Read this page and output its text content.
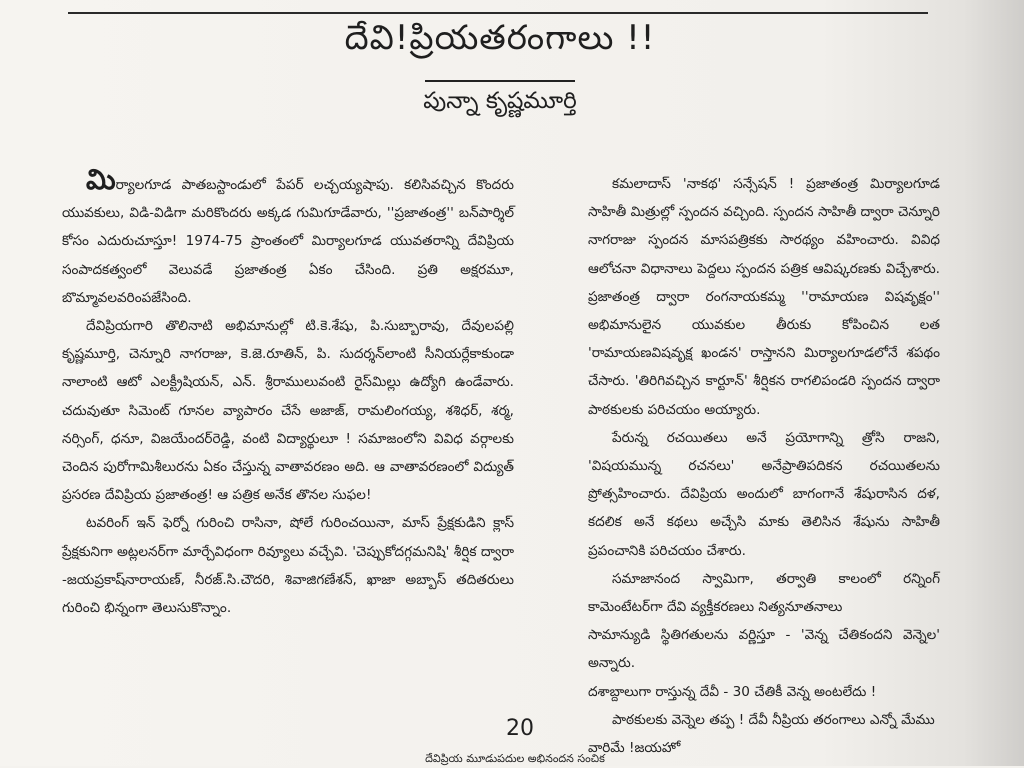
దేవి!ప్రియతరంగాలు !!
పున్నా కృష్ణమూర్తి

మిర్యాలగూడ పాతబస్టాండులో పేపర్ లచ్చయ్యషాపు. కలిసివచ్చిన కొందరు యువకులు, విడి-విడిగా మరికొందరు అక్కడ గుమిగూడేవారు, ''ప్రజాతంత్ర'' బన్‌పార్శిల్ కోసం ఎదురుచూస్తూ! 1974-75 ప్రాంతంలో మిర్యాలగూడ యువతరాన్ని దేవిప్రియ సంపాదకత్వంలో వెలువడే ప్రజాతంత్ర ఏకం చేసింది. ప్రతి అక్షరమూ, బొమ్మావలవరింపజేసింది.

దేవిప్రియగారి తొలినాటి అభిమానుల్లో టి.కె.శేషు, పి.సుబ్బారావు, దేవులపల్లి కృష్ణమూర్తి, చెన్నూరి నాగరాజు, కె.జె.రూతిన్, పి. సుదర్శన్‌లాంటి సీనియర్లేకాకుండా నాలాంటి ఆటో ఎలక్ట్రీషియన్, ఎన్. శ్రీరాములువంటి రైస్‌మిల్లు ఉద్యోగి ఉండేవారు. చదువుతూ సిమెంట్ గూనల వ్యాపారం చేసే అజాజ్, రామలింగయ్య, శశిధర్, శర్మ, నర్సింగ్, ధనూ, విజయేందర్‌రెడ్డి, వంటి విద్యార్థులూ ! సమాజంలోని వివిధ వర్గాలకు చెందిన పురోగామిశీలురను ఏకం చేస్తున్న వాతావరణం అది. ఆ వాతావరణంలో విద్యుత్ ప్రసరణ దేవిప్రియ ప్రజాతంత్ర! ఆ పత్రిక అనేక తొనల సుఫల!

టవరింగ్ ఇన్ ఫెర్నో గురించి రాసినా, షోలే గురించయినా, మాస్ ప్రేక్షకుడిని క్లాస్ ప్రేక్షకునిగా అట్లలనర్‌గా మార్చేవిధంగా రివ్యూలు వచ్చేవి. 'చెప్పుకోదగ్గమనిషి' శీర్షిక ద్వారా -జయప్రకాష్‌నారాయణ్, నీరజ్.సి.చౌదరి, శివాజిగణేశన్, ఖాజా అబ్బాస్ తదితరులు గురించి భిన్నంగా తెలుసుకొన్నాం.

కమలాదాస్ 'నాకథ' సన్సేషన్ ! ప్రజాతంత్ర మిర్యాలగూడ సాహితీ మిత్రుల్లో స్పందన వచ్చింది. స్పందన సాహితీ ద్వారా చెన్నూరి నాగరాజు స్పందన మాసపత్రికకు సారథ్యం వహించారు. వివిధ ఆలోచనా విధానాలు పెద్దలు స్పందన పత్రిక ఆవిష్కరణకు విచ్చేశారు. ప్రజాతంత్ర ద్వారా రంగనాయకమ్మ ''రామాయణ విషవృక్షం'' అభిమానులైన యువకుల తీరుకు కోపించిన లత 'రామాయణవిషవృక్ష ఖండన' రాస్తానని మిర్యాలగూడలోనే శపథం చేసారు. 'తిరిగివచ్చిన కార్టూన్' శీర్షికన రాగలిపండరి స్పందన ద్వారా పాఠకులకు పరిచయం అయ్యారు.

పేరున్న రచయితలు అనే ప్రయోగాన్ని త్రోసి రాజని, 'విషయమున్న రచనలు' అనేప్రాతిపదికన రచయితలను ప్రోత్సహించారు. దేవిప్రియ అందులో బాగంగానే శేషురాసిన దళ, కదలిక అనే కథలు అచ్చేసి మాకు తెలిసిన శేషును సాహితీ ప్రపంచానికి పరిచయం చేశారు.

సమాజానంద స్వామిగా, తర్వాతి కాలంలో రన్నింగ్ కామెంటేటర్‌గా దేవి వ్యక్తీకరణలు నిత్యనూతనాలు

సామాన్యుడి స్థితిగతులను వర్ణిస్తూ - 'వెన్న చేతికందని వెన్నెల' అన్నారు.

దశాబ్దాలుగా రాస్తున్న దేవీ - 30 చేతికీ వెన్న అంటలేదు !

పాఠకులకు వెన్నెల తప్ప ! దేవీ నీప్రియ తరంగాలు ఎన్నో మేము

వారిమే !జయహో

20
దేవిప్రియ మూడుపదుల అభినందన సంచిక
